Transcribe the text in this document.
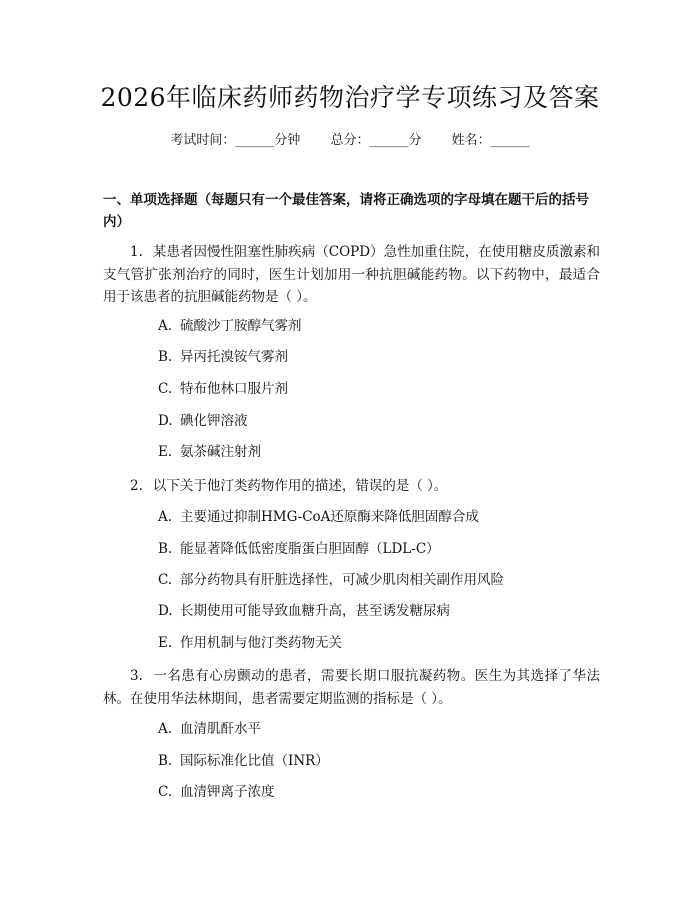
2026年临床药师药物治疗学专项练习及答案
考试时间：______分钟 总分：______分 姓名：______
一、单项选择题（每题只有一个最佳答案，请将正确选项的字母填在题干后的括号内）
1. 某患者因慢性阻塞性肺疾病（COPD）急性加重住院，在使用糖皮质激素和支气管扩张剂治疗的同时，医生计划加用一种抗胆碱能药物。以下药物中，最适合用于该患者的抗胆碱能药物是（ ）。
A. 硫酸沙丁胺醇气雾剂
B. 异丙托溴铵气雾剂
C. 特布他林口服片剂
D. 碘化钾溶液
E. 氨茶碱注射剂
2. 以下关于他汀类药物作用的描述，错误的是（ ）。
A. 主要通过抑制HMG-CoA还原酶来降低胆固醇合成
B. 能显著降低低密度脂蛋白胆固醇（LDL-C）
C. 部分药物具有肝脏选择性，可减少肌肉相关副作用风险
D. 长期使用可能导致血糖升高，甚至诱发糖尿病
E. 作用机制与他汀类药物无关
3. 一名患有心房颤动的患者，需要长期口服抗凝药物。医生为其选择了华法林。在使用华法林期间，患者需要定期监测的指标是（ ）。
A. 血清肌酐水平
B. 国际标准化比值（INR）
C. 血清钾离子浓度
